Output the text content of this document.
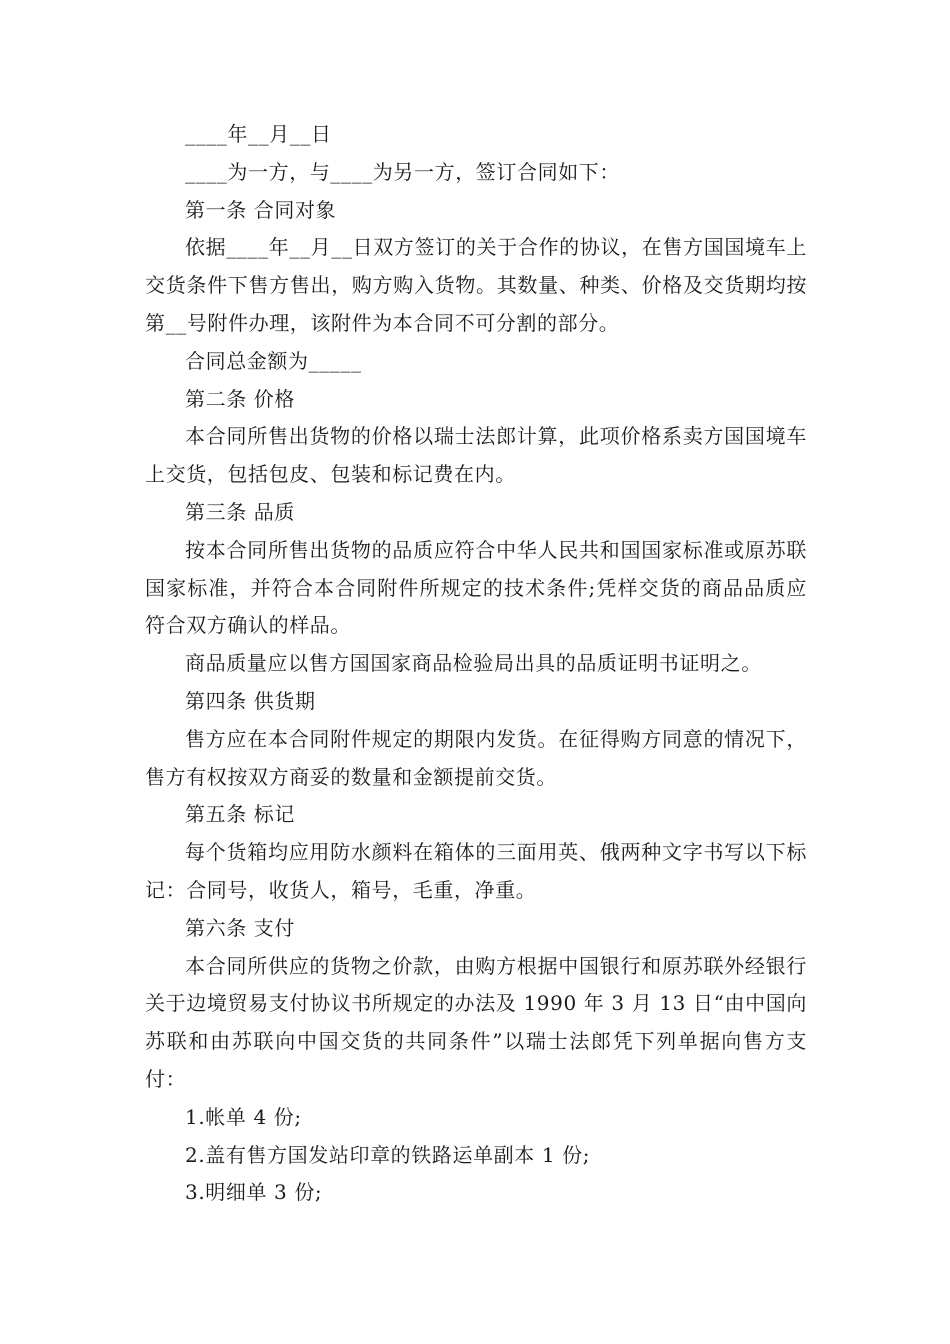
____年__月__日

____为一方，与____为另一方，签订合同如下：

第一条 合同对象

依据____年__月__日双方签订的关于合作的协议，在售方国国境车上交货条件下售方售出，购方购入货物。其数量、种类、价格及交货期均按第__号附件办理，该附件为本合同不可分割的部分。

合同总金额为_____

第二条 价格

本合同所售出货物的价格以瑞士法郎计算，此项价格系卖方国国境车上交货，包括包皮、包装和标记费在内。

第三条 品质

按本合同所售出货物的品质应符合中华人民共和国国家标准或原苏联国家标准，并符合本合同附件所规定的技术条件;凭样交货的商品品质应符合双方确认的样品。

商品质量应以售方国国家商品检验局出具的品质证明书证明之。

第四条 供货期

售方应在本合同附件规定的期限内发货。在征得购方同意的情况下，售方有权按双方商妥的数量和金额提前交货。

第五条 标记

每个货箱均应用防水颜料在箱体的三面用英、俄两种文字书写以下标记：合同号，收货人，箱号，毛重，净重。

第六条 支付

本合同所供应的货物之价款，由购方根据中国银行和原苏联外经银行关于边境贸易支付协议书所规定的办法及 1990 年 3 月 13 日“由中国向苏联和由苏联向中国交货的共同条件”以瑞士法郎凭下列单据向售方支付：

1.帐单 4 份;

2.盖有售方国发站印章的铁路运单副本 1 份;

3.明细单 3 份;
